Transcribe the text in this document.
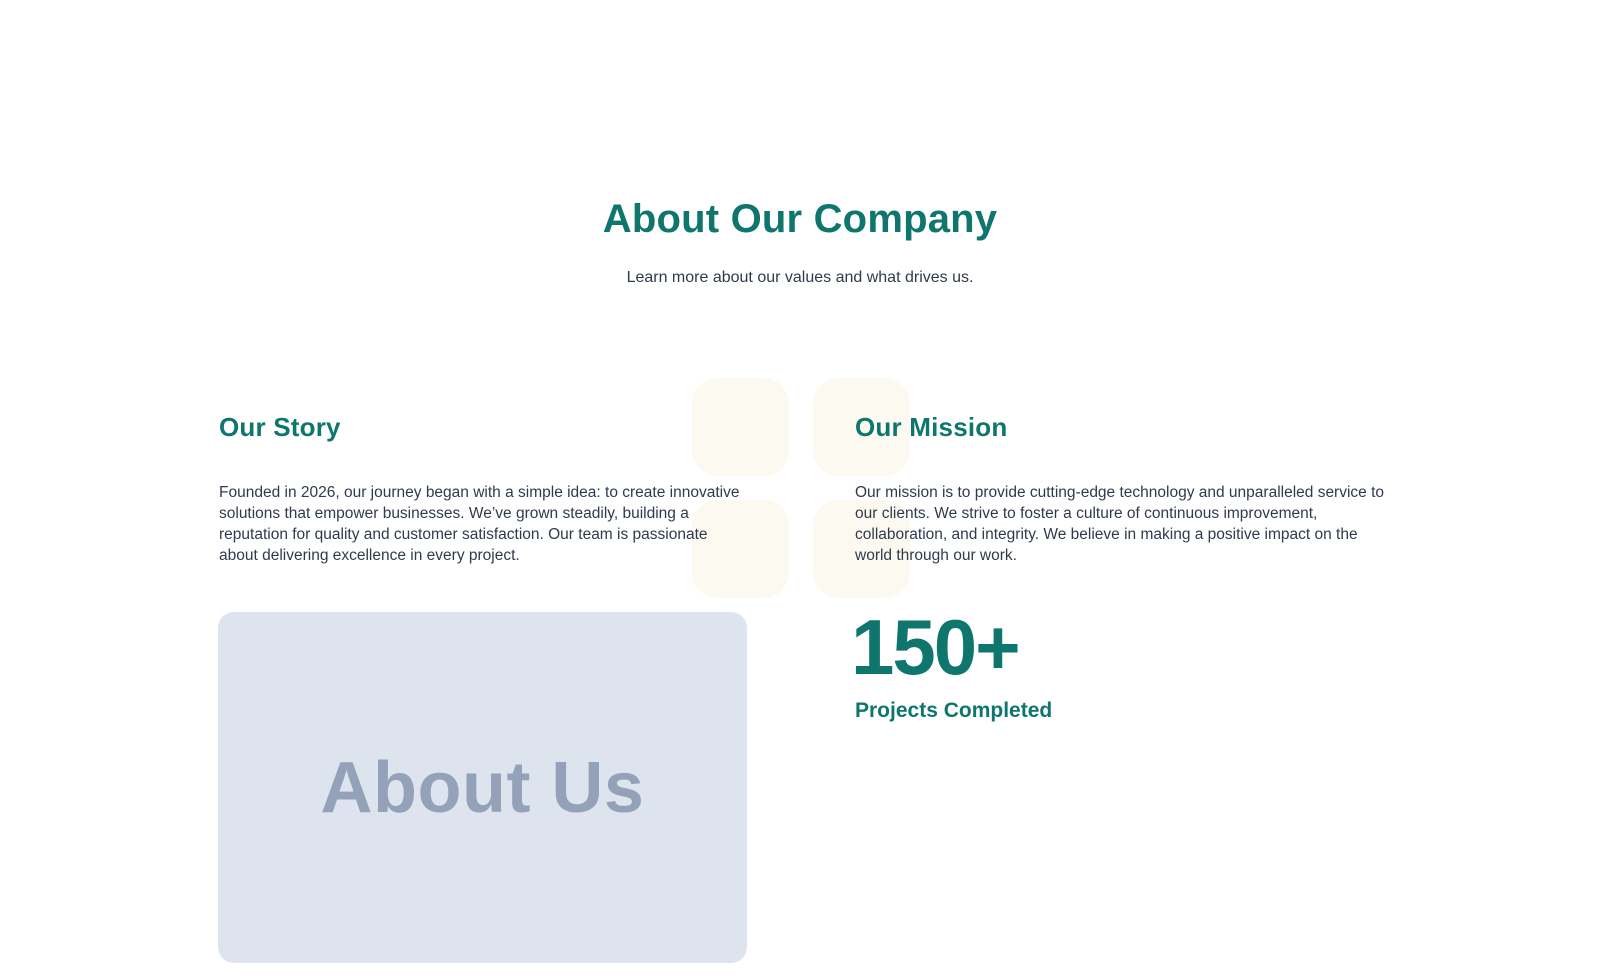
About Our Company

Learn more about our values and what drives us.

Our Story

Founded in 2026, our journey began with a simple idea: to create innovative solutions that empower businesses. We’ve grown steadily, building a reputation for quality and customer satisfaction. Our team is passionate about delivering excellence in every project.

About Us
Our Mission

Our mission is to provide cutting-edge technology and unparalleled service to our clients. We strive to foster a culture of continuous improvement, collaboration, and integrity. We believe in making a positive impact on the world through our work.

150+
Projects Completed
